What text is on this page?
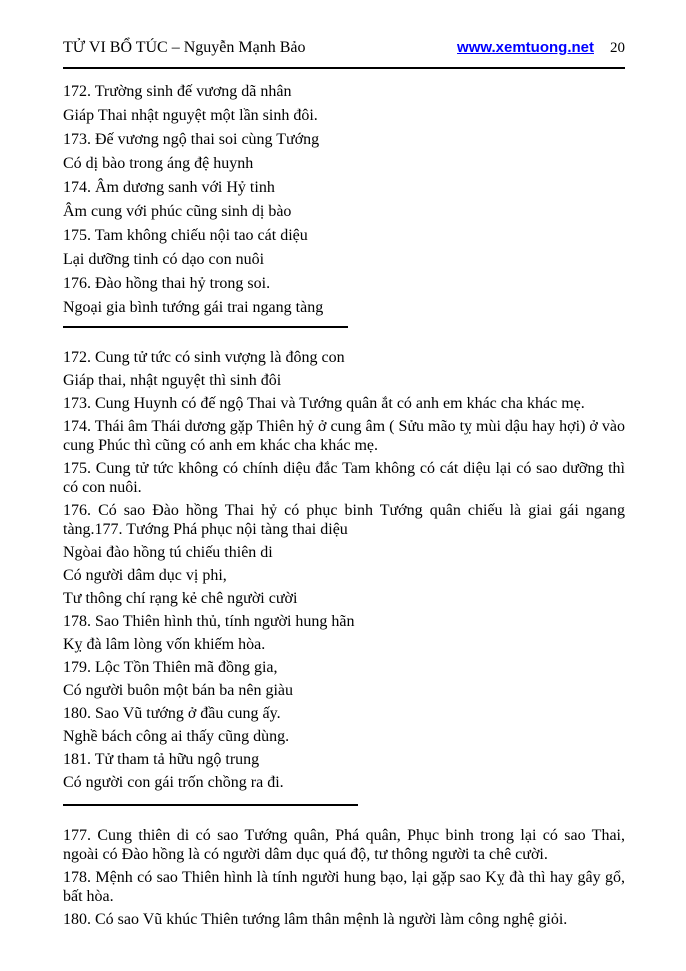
TỬ VI BỔ TÚC – Nguyễn Mạnh Bảo	www.xemtuong.net 20

172. Trường sinh đế vương dã nhân

Giáp Thai nhật nguyệt một lần sinh đôi.

173. Đế vương ngộ thai soi cùng Tướng

Có dị bào trong áng đệ huynh

174. Âm dương sanh với Hỷ tinh

Âm cung với phúc cũng sinh dị bào

175. Tam không chiếu nội tao cát diệu

Lại dưỡng tinh có dạo con nuôi

176. Đào hồng thai hỷ trong soi.

Ngoại gia bình tướng gái trai ngang tàng

172. Cung tử tức có sinh vượng là đông con

Giáp thai, nhật nguyệt thì sinh đôi

173. Cung Huynh có đế ngộ Thai và Tướng quân ắt có anh em khác cha khác mẹ.

174. Thái âm Thái dương gặp Thiên hỷ ở cung âm ( Sửu mão tỵ mùi dậu hay hợi) ở vào cung Phúc thì cũng có anh em khác cha khác mẹ.

175. Cung tử tức không có chính diệu đắc Tam không có cát diệu lại có sao dưỡng thì có con nuôi.

176. Có sao Đào hồng Thai hỷ có phục binh Tướng quân chiếu là giai gái ngang tàng.177. Tướng Phá phục nội tàng thai diệu

Ngòai đào hồng tú chiếu thiên di

Có người dâm dục vị phi,

Tư thông chí rạng kẻ chê người cười

178. Sao Thiên hình thủ, tính người hung hãn

Kỵ đà lâm lòng vốn khiếm hòa.

179. Lộc Tồn Thiên mã đồng gia,

Có người buôn một bán ba nên giàu

180. Sao Vũ tướng ở đầu cung ấy.

Nghề bách công ai thấy cũng dùng.

181. Tử tham tả hữu ngộ trung

Có người con gái trốn chồng ra đi.

177. Cung thiên di có sao Tướng quân, Phá quân, Phục binh trong lại có sao Thai, ngoài có Đào hồng là có người dâm dục quá độ, tư thông người ta chê cười.

178. Mệnh có sao Thiên hình là tính người hung bạo, lại gặp sao Kỵ đà thì hay gây gổ, bất hòa.

180. Có sao Vũ khúc Thiên tướng lâm thân mệnh là người làm công nghệ giỏi.
